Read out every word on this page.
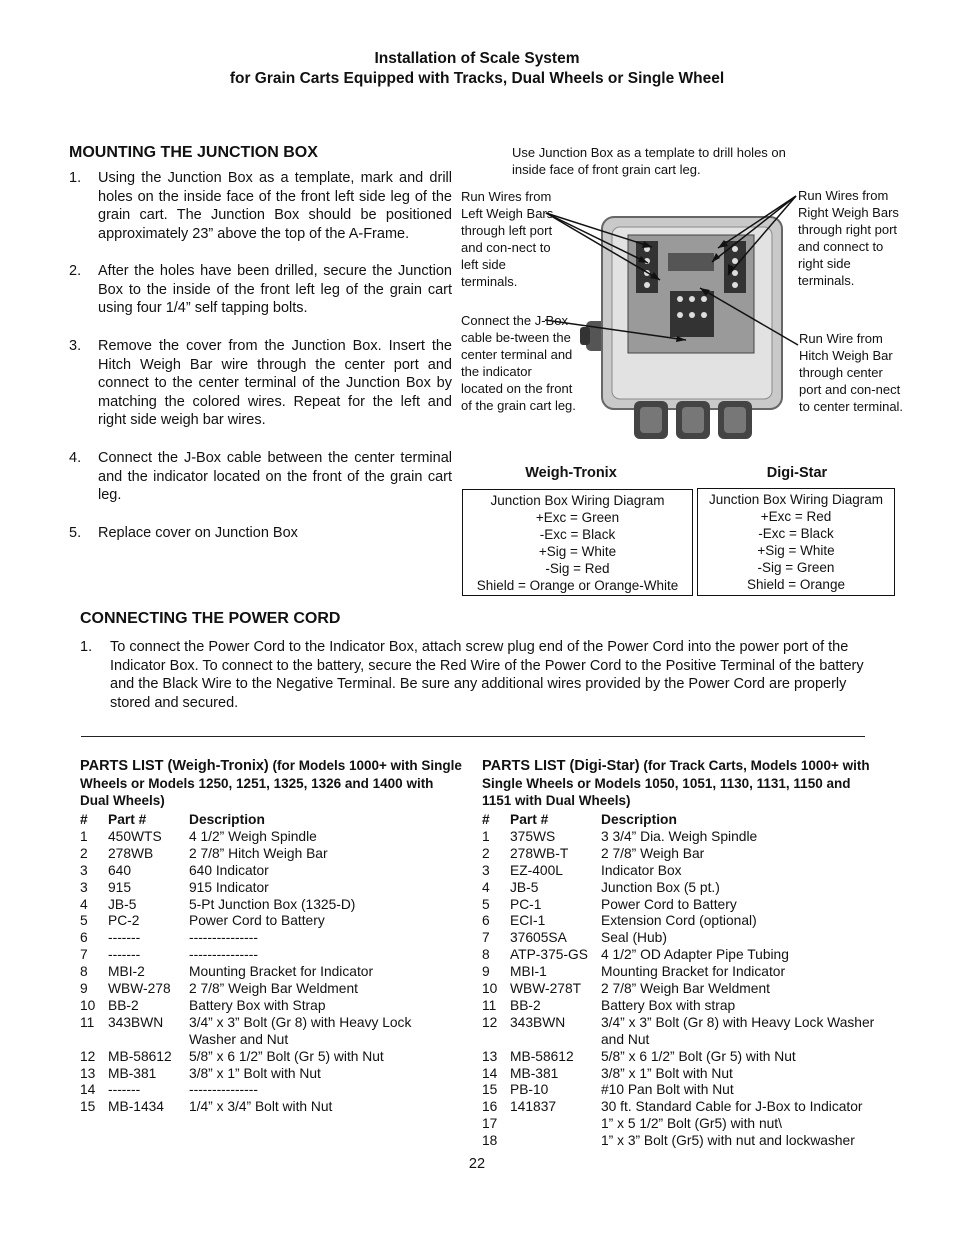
Installation of Scale System
for Grain Carts Equipped with Tracks, Dual Wheels or Single Wheel
MOUNTING THE JUNCTION BOX
1. Using the Junction Box as a template, mark and drill holes on the inside face of the front left side leg of the grain cart. The Junction Box should be positioned approximately 23” above the top of the A-Frame.
2. After the holes have been drilled, secure the Junction Box to the inside of the front left leg of the grain cart using four 1/4” self tapping bolts.
3. Remove the cover from the Junction Box. Insert the Hitch Weigh Bar wire through the center port and connect to the center terminal of the Junction Box by matching the colored wires. Repeat for the left and right side weigh bar wires.
4. Connect the J-Box cable between the center terminal and the indicator located on the front of the grain cart leg.
5. Replace cover on Junction Box
Use Junction Box as a template to drill holes on inside face of front grain cart leg.
Run Wires from Left Weigh Bars through left port and con-nect to left side terminals.
Connect the J-Box cable be-tween the center terminal and the indicator located on the front of the grain cart leg.
Run Wires from Right Weigh Bars through right port and connect to right side terminals.
Run Wire from Hitch Weigh Bar through center port and con-nect to center terminal.
Weigh-Tronix	Digi-Star
Junction Box Wiring Diagram
+Exc = Green
-Exc = Black
+Sig = White
-Sig = Red
Shield = Orange or Orange-White
Junction Box Wiring Diagram
+Exc = Red
-Exc = Black
+Sig = White
-Sig = Green
Shield = Orange
CONNECTING THE POWER CORD
1. To connect the Power Cord to the Indicator Box, attach screw plug end of the Power Cord into the power port of the Indicator Box. To connect to the battery, secure the Red Wire of the Power Cord to the Positive Terminal of the battery and the Black Wire to the Negative Terminal. Be sure any additional wires provided by the Power Cord are properly stored and secured.
PARTS LIST (Weigh-Tronix) (for Models 1000+ with Single Wheels or Models 1250, 1251, 1325, 1326 and 1400 with Dual Wheels)
# Part #	Description
1 450WTS 4 1/2” Weigh Spindle
2 278WB	2 7/8” Hitch Weigh Bar
3 640	640 Indicator
3 915	915 Indicator
4 JB-5	5-Pt Junction Box (1325-D)
5 PC-2	Power Cord to Battery
6 -------	---------------
7 -------	---------------
8 MBI-2	Mounting Bracket for Indicator
9 WBW-278 2 7/8” Weigh Bar Weldment
10 BB-2	Battery Box with Strap
11 343BWN 3/4” x 3” Bolt (Gr 8) with Heavy Lock Washer and Nut
12 MB-58612 5/8” x 6 1/2” Bolt (Gr 5) with Nut
13 MB-381 3/8” x 1” Bolt with Nut
14 -------	---------------
15 MB-1434 1/4” x 3/4” Bolt with Nut
PARTS LIST (Digi-Star) (for Track Carts, Models 1000+ with Single Wheels or Models 1050, 1051, 1130, 1131, 1150 and 1151 with Dual Wheels)
# Part #	Description
1 375WS	3 3/4” Dia. Weigh Spindle
2 278WB-T 2 7/8” Weigh Bar
3 EZ-400L	Indicator Box
4 JB-5	Junction Box (5 pt.)
5 PC-1	Power Cord to Battery
6 ECI-1	Extension Cord (optional)
7 37605SA Seal (Hub)
8 ATP-375-GS 4 1/2” OD Adapter Pipe Tubing
9 MBI-1	Mounting Bracket for Indicator
10 WBW-278T 2 7/8” Weigh Bar Weldment
11 BB-2	Battery Box with strap
12 343BWN	3/4” x 3” Bolt (Gr 8) with Heavy Lock Washer and Nut
13 MB-58612 5/8” x 6 1/2” Bolt (Gr 5) with Nut
14 MB-381	3/8” x 1” Bolt with Nut
15 PB-10	#10 Pan Bolt with Nut
16 141837	30 ft. Standard Cable for J-Box to Indicator
17	1” x 5 1/2” Bolt (Gr5) with nut\
18	1” x 3” Bolt (Gr5) with nut and lockwasher
22
